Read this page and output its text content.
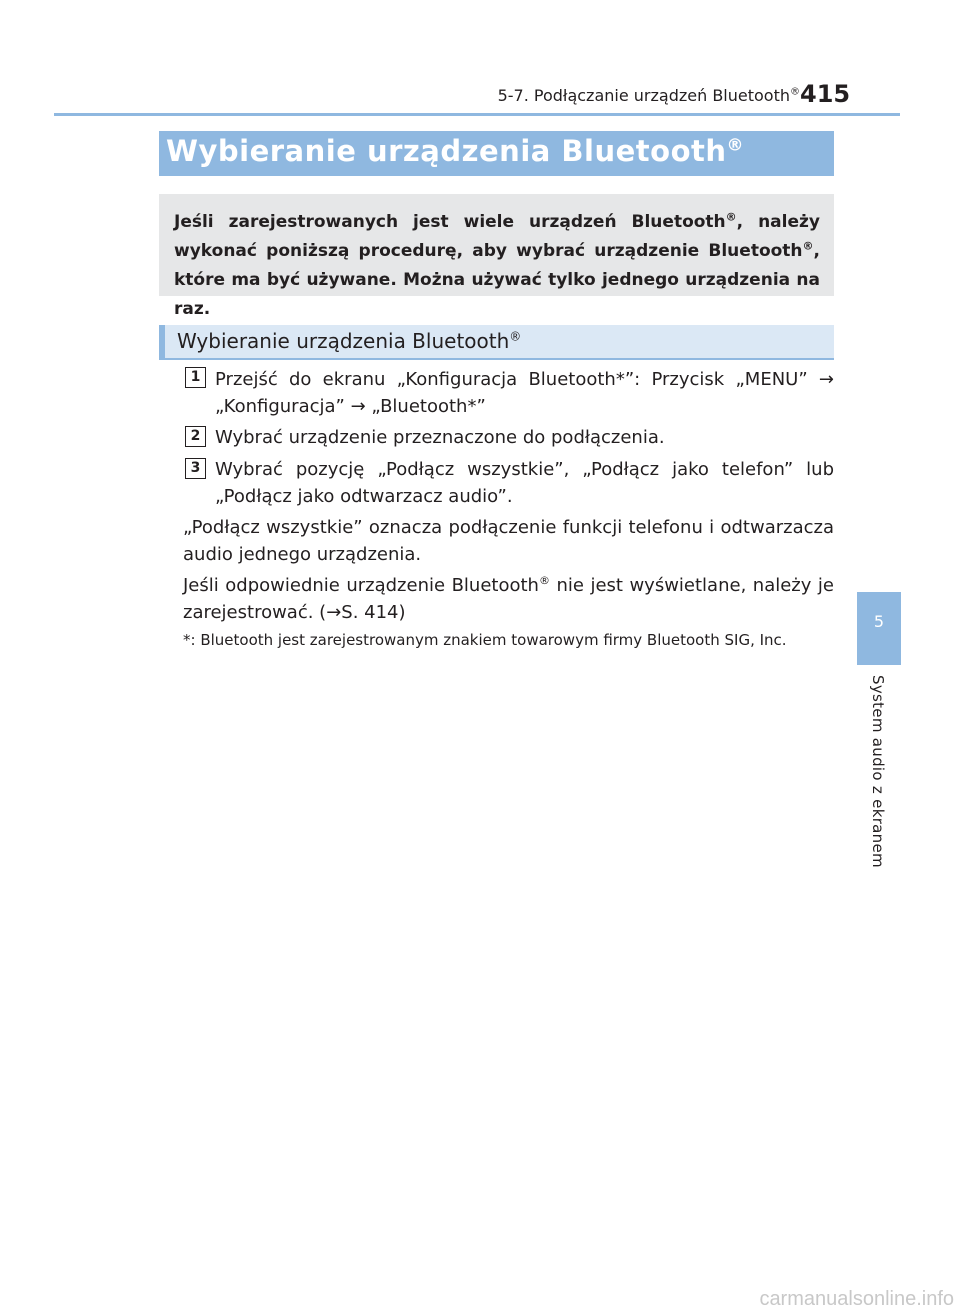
5-7. Podłączanie urządzeń Bluetooth® 415
5
System audio z ekranem
Wybieranie urządzenia Bluetooth®

Jeśli zarejestrowanych jest wiele urządzeń Bluetooth®, należy wykonać poniższą procedurę, aby wybrać urządzenie Bluetooth®, które ma być używane. Można używać tylko jednego urządzenia na raz.

Wybieranie urządzenia Bluetooth®
1 Przejść do ekranu „Konfiguracja Bluetooth*”: Przycisk „MENU” → „Konfiguracja” → „Bluetooth*”

2 Wybrać urządzenie przeznaczone do podłączenia.

3 Wybrać pozycję „Podłącz wszystkie”, „Podłącz jako telefon” lub „Podłącz jako odtwarzacz audio”.

„Podłącz wszystkie” oznacza podłączenie funkcji telefonu i odtwarzacza audio jednego urządzenia.

Jeśli odpowiednie urządzenie Bluetooth® nie jest wyświetlane, należy je zarejestrować. (→S. 414)

*: Bluetooth jest zarejestrowanym znakiem towarowym firmy Bluetooth SIG, Inc.
carmanualsonline.info
